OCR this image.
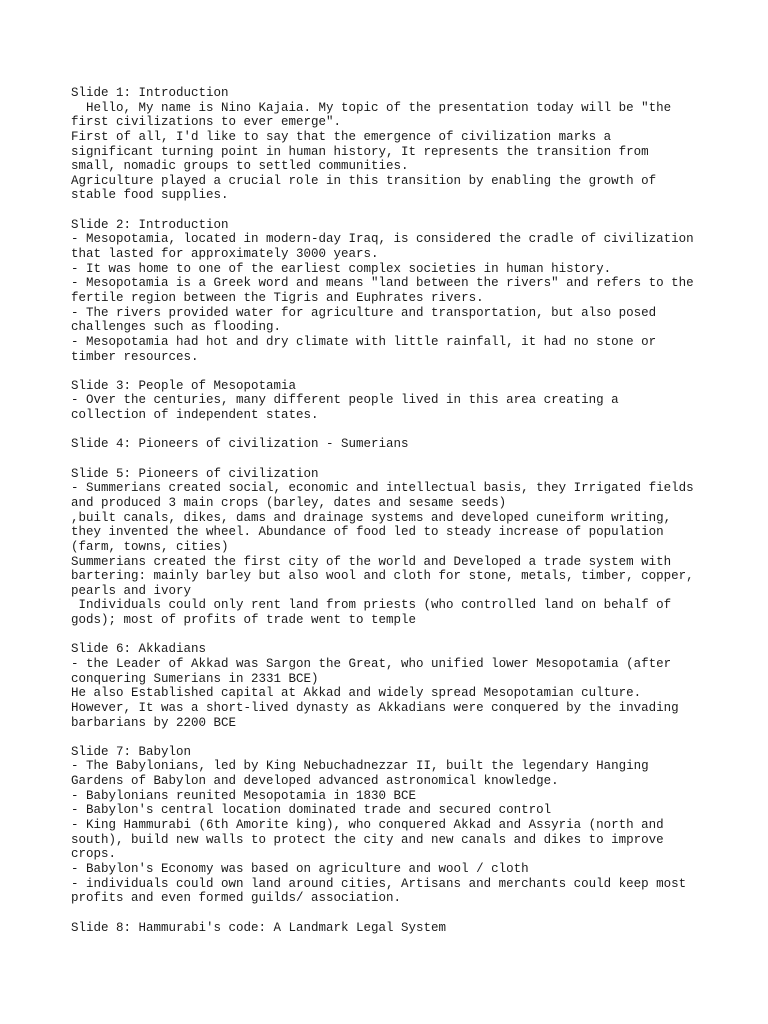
Slide 1: Introduction
Hello, My name is Nino Kajaia. My topic of the presentation today will be "the
first civilizations to ever emerge".
First of all, I'd like to say that the emergence of civilization marks a
significant turning point in human history, It represents the transition from
small, nomadic groups to settled communities.
Agriculture played a crucial role in this transition by enabling the growth of
stable food supplies.
Slide 2: Introduction
- Mesopotamia, located in modern-day Iraq, is considered the cradle of civilization
that lasted for approximately 3000 years.
- It was home to one of the earliest complex societies in human history.
- Mesopotamia is a Greek word and means "land between the rivers" and refers to the
fertile region between the Tigris and Euphrates rivers.
- The rivers provided water for agriculture and transportation, but also posed
challenges such as flooding.
- Mesopotamia had hot and dry climate with little rainfall, it had no stone or
timber resources.
Slide 3: People of Mesopotamia
- Over the centuries, many different people lived in this area creating a
collection of independent states.
Slide 4: Pioneers of civilization - Sumerians
Slide 5: Pioneers of civilization
- Summerians created social, economic and intellectual basis, they Irrigated fields
and produced 3 main crops (barley, dates and sesame seeds)
,built canals, dikes, dams and drainage systems and developed cuneiform writing,
they invented the wheel. Abundance of food led to steady increase of population
(farm, towns, cities)
Summerians created the first city of the world and Developed a trade system with
bartering: mainly barley but also wool and cloth for stone, metals, timber, copper,
pearls and ivory
Individuals could only rent land from priests (who controlled land on behalf of
gods); most of profits of trade went to temple
Slide 6: Akkadians
- the Leader of Akkad was Sargon the Great, who unified lower Mesopotamia (after
conquering Sumerians in 2331 BCE)
He also Established capital at Akkad and widely spread Mesopotamian culture.
However, It was a short-lived dynasty as Akkadians were conquered by the invading
barbarians by 2200 BCE
Slide 7: Babylon
- The Babylonians, led by King Nebuchadnezzar II, built the legendary Hanging
Gardens of Babylon and developed advanced astronomical knowledge.
- Babylonians reunited Mesopotamia in 1830 BCE
- Babylon's central location dominated trade and secured control
- King Hammurabi (6th Amorite king), who conquered Akkad and Assyria (north and
south), build new walls to protect the city and new canals and dikes to improve
crops.
- Babylon's Economy was based on agriculture and wool / cloth
- individuals could own land around cities, Artisans and merchants could keep most
profits and even formed guilds/ association.
Slide 8: Hammurabi's code: A Landmark Legal System
